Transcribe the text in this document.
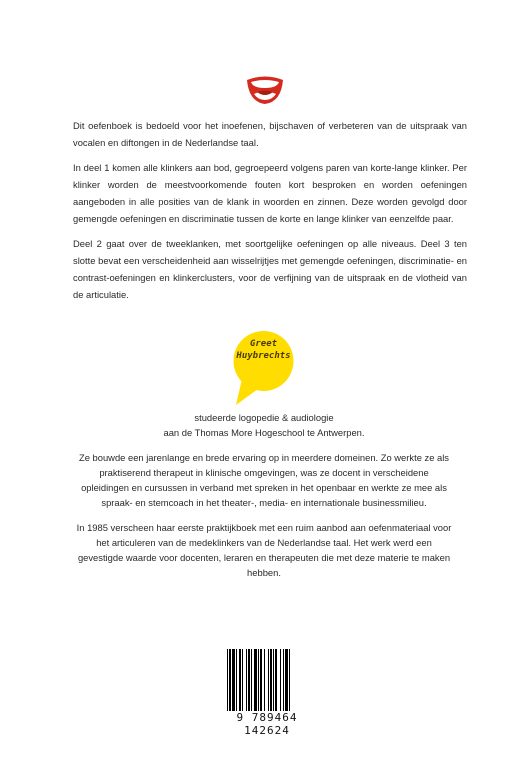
Dit oefenboek is bedoeld voor het inoefenen, bijschaven of verbeteren van de uitspraak van vocalen en diftongen in de Nederlandse taal.

In deel 1 komen alle klinkers aan bod, gegroepeerd volgens paren van korte-lange klinker. Per klinker worden de meestvoorkomende fouten kort besproken en worden oefeningen aangeboden in alle posities van de klank in woorden en zinnen. Deze worden gevolgd door gemengde oefeningen en discriminatie tussen de korte en lange klinker van eenzelfde paar.

Deel 2 gaat over de tweeklanken, met soortgelijke oefeningen op alle niveaus. Deel 3 ten slotte bevat een verscheidenheid aan wisselrijtjes met gemengde oefeningen, discriminatie- en contrast-oefeningen en klinkerclusters, voor de verfijning van de uitspraak en de vlotheid van de articulatie.

Greet
Huybrechts

studeerde logopedie & audiologie
aan de Thomas More Hogeschool te Antwerpen.

Ze bouwde een jarenlange en brede ervaring op in meerdere domeinen. Zo werkte ze als praktiserend therapeut in klinische omgevingen, was ze docent in verscheidene opleidingen en cursussen in verband met spreken in het openbaar en werkte ze mee als spraak- en stemcoach in het theater-, media- en internationale businessmilieu.

In 1985 verscheen haar eerste praktijkboek met een ruim aanbod aan oefenmateriaal voor het articuleren van de medeklinkers van de Nederlandse taal. Het werk werd een gevestigde waarde voor docenten, leraren en therapeuten die met deze materie te maken hebben.

9 789464 142624
